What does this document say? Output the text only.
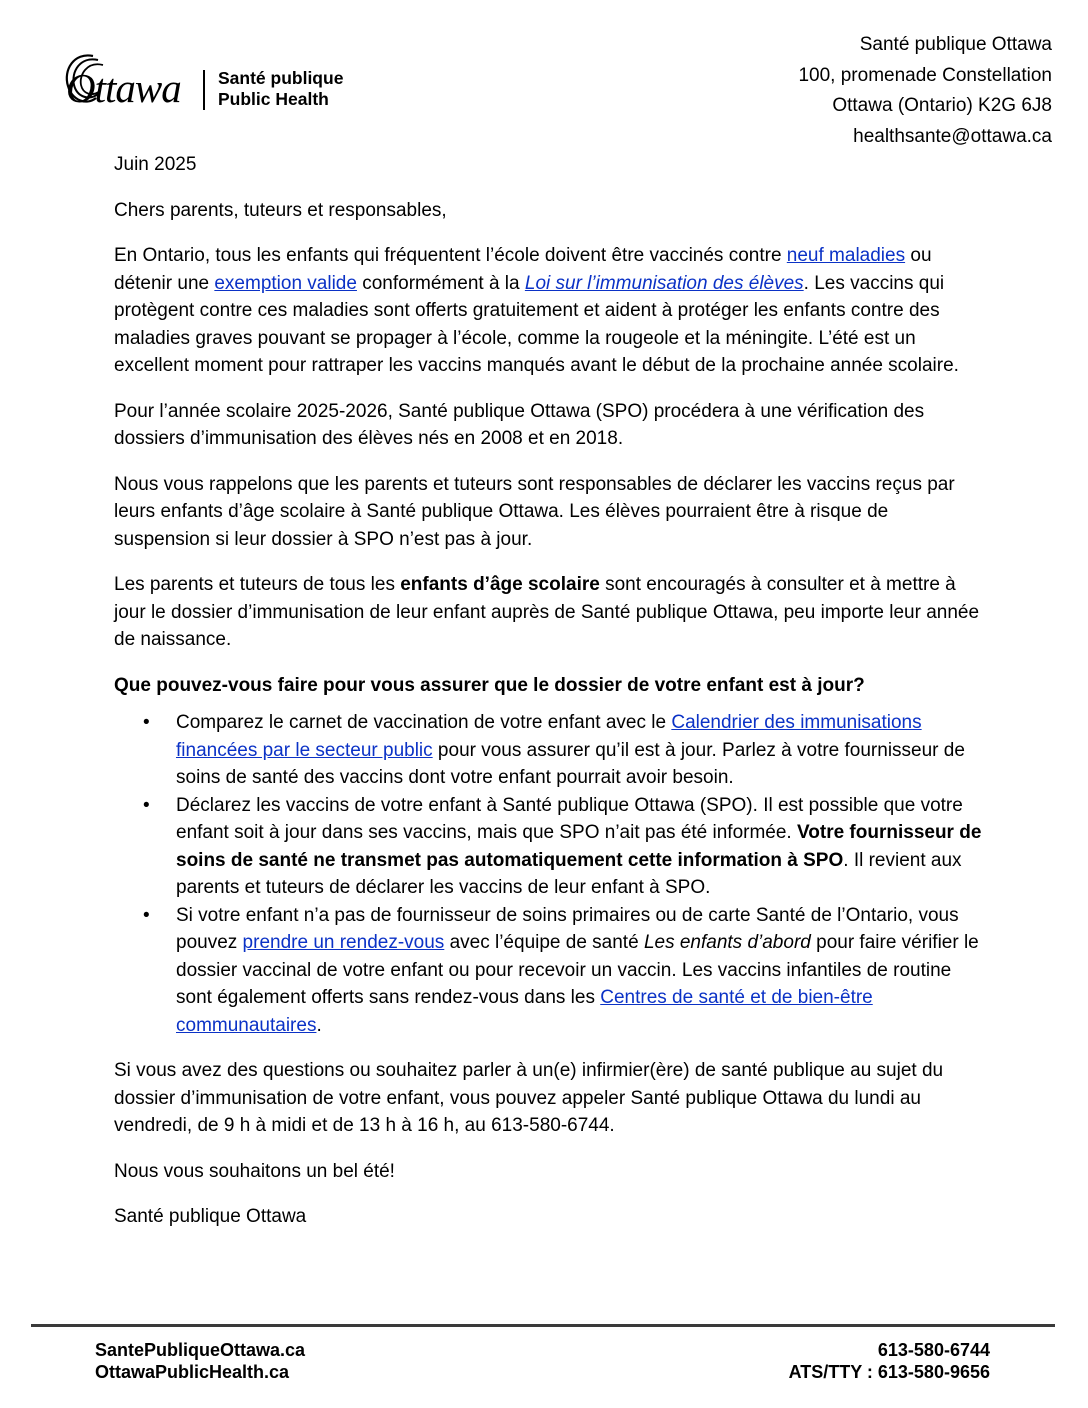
Ottawa Santé publique
Public Health
Santé publique Ottawa
100, promenade Constellation
Ottawa (Ontario) K2G 6J8
healthsante@ottawa.ca

Juin 2025

Chers parents, tuteurs et responsables,

En Ontario, tous les enfants qui fréquentent l’école doivent être vaccinés contre neuf maladies ou détenir une exemption valide conformément à la Loi sur l’immunisation des élèves. Les vaccins qui protègent contre ces maladies sont offerts gratuitement et aident à protéger les enfants contre des maladies graves pouvant se propager à l’école, comme la rougeole et la méningite. L’été est un excellent moment pour rattraper les vaccins manqués avant le début de la prochaine année scolaire.

Pour l’année scolaire 2025-2026, Santé publique Ottawa (SPO) procédera à une vérification des dossiers d’immunisation des élèves nés en 2008 et en 2018.

Nous vous rappelons que les parents et tuteurs sont responsables de déclarer les vaccins reçus par leurs enfants d’âge scolaire à Santé publique Ottawa. Les élèves pourraient être à risque de suspension si leur dossier à SPO n’est pas à jour.

Les parents et tuteurs de tous les enfants d’âge scolaire sont encouragés à consulter et à mettre à jour le dossier d’immunisation de leur enfant auprès de Santé publique Ottawa, peu importe leur année de naissance.

Que pouvez-vous faire pour vous assurer que le dossier de votre enfant est à jour?

• Comparez le carnet de vaccination de votre enfant avec le Calendrier des immunisations financées par le secteur public pour vous assurer qu’il est à jour. Parlez à votre fournisseur de soins de santé des vaccins dont votre enfant pourrait avoir besoin.
• Déclarez les vaccins de votre enfant à Santé publique Ottawa (SPO). Il est possible que votre enfant soit à jour dans ses vaccins, mais que SPO n’ait pas été informée. Votre fournisseur de soins de santé ne transmet pas automatiquement cette information à SPO. Il revient aux parents et tuteurs de déclarer les vaccins de leur enfant à SPO.
• Si votre enfant n’a pas de fournisseur de soins primaires ou de carte Santé de l’Ontario, vous pouvez prendre un rendez-vous avec l’équipe de santé Les enfants d’abord pour faire vérifier le dossier vaccinal de votre enfant ou pour recevoir un vaccin. Les vaccins infantiles de routine sont également offerts sans rendez-vous dans les Centres de santé et de bien-être communautaires.

Si vous avez des questions ou souhaitez parler à un(e) infirmier(ère) de santé publique au sujet du dossier d’immunisation de votre enfant, vous pouvez appeler Santé publique Ottawa du lundi au vendredi, de 9 h à midi et de 13 h à 16 h, au 613-580-6744.

Nous vous souhaitons un bel été!

Santé publique Ottawa

SantePubliqueOttawa.ca
OttawaPublicHealth.ca
613-580-6744
ATS/TTY : 613-580-9656
